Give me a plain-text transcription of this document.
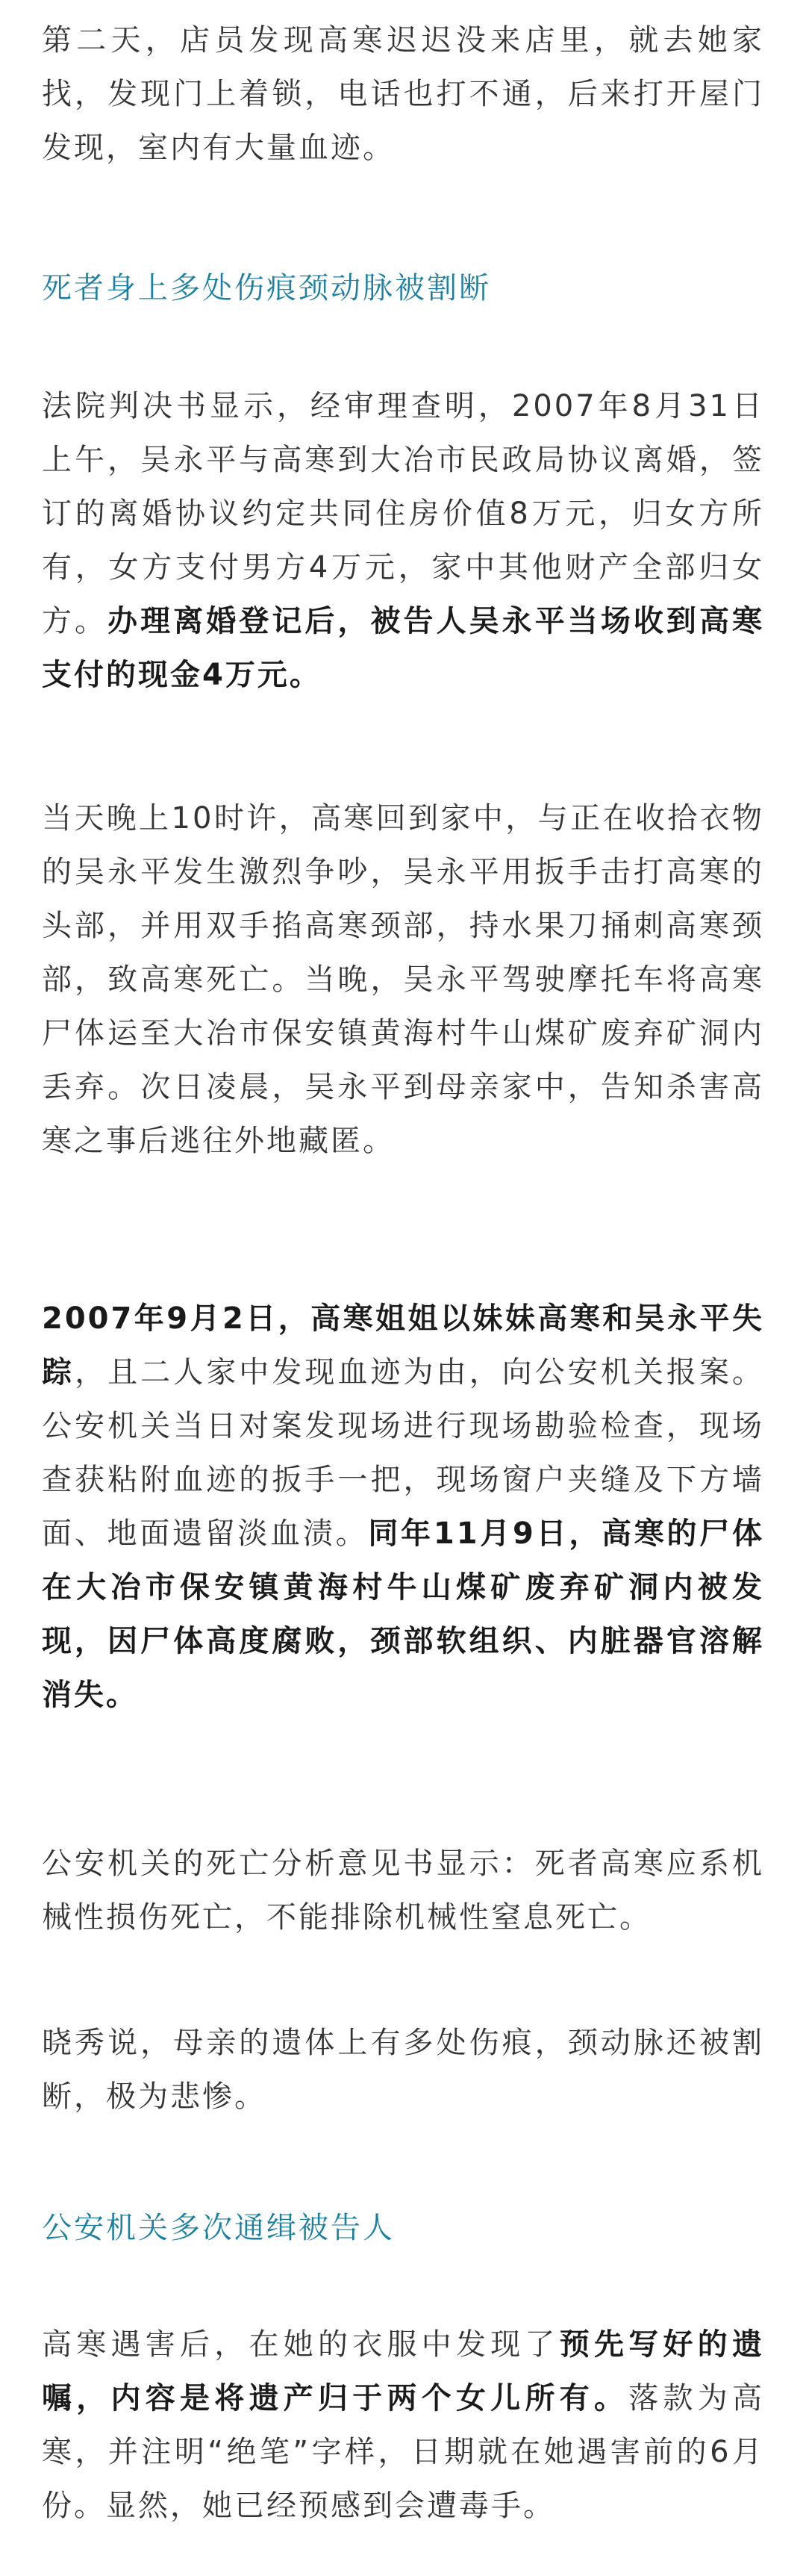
第二天，店员发现高寒迟迟没来店里，就去她家找，发现门上着锁，电话也打不通，后来打开屋门发现，室内有大量血迹。

死者身上多处伤痕颈动脉被割断

法院判决书显示，经审理查明，2007年8月31日上午，吴永平与高寒到大冶市民政局协议离婚，签订的离婚协议约定共同住房价值8万元，归女方所有，女方支付男方4万元，家中其他财产全部归女方。办理离婚登记后，被告人吴永平当场收到高寒支付的现金4万元。

当天晚上10时许，高寒回到家中，与正在收拾衣物的吴永平发生激烈争吵，吴永平用扳手击打高寒的头部，并用双手掐高寒颈部，持水果刀捅刺高寒颈部，致高寒死亡。当晚，吴永平驾驶摩托车将高寒尸体运至大冶市保安镇黄海村牛山煤矿废弃矿洞内丢弃。次日凌晨，吴永平到母亲家中，告知杀害高寒之事后逃往外地藏匿。

2007年9月2日，高寒姐姐以妹妹高寒和吴永平失踪，且二人家中发现血迹为由，向公安机关报案。公安机关当日对案发现场进行现场勘验检查，现场查获粘附血迹的扳手一把，现场窗户夹缝及下方墙面、地面遗留淡血渍。同年11月9日，高寒的尸体在大冶市保安镇黄海村牛山煤矿废弃矿洞内被发现，因尸体高度腐败，颈部软组织、内脏器官溶解消失。

公安机关的死亡分析意见书显示：死者高寒应系机械性损伤死亡，不能排除机械性窒息死亡。

晓秀说，母亲的遗体上有多处伤痕，颈动脉还被割断，极为悲惨。

公安机关多次通缉被告人

高寒遇害后，在她的衣服中发现了预先写好的遗嘱，内容是将遗产归于两个女儿所有。落款为高寒，并注明“绝笔”字样，日期就在她遇害前的6月份。显然，她已经预感到会遭毒手。
